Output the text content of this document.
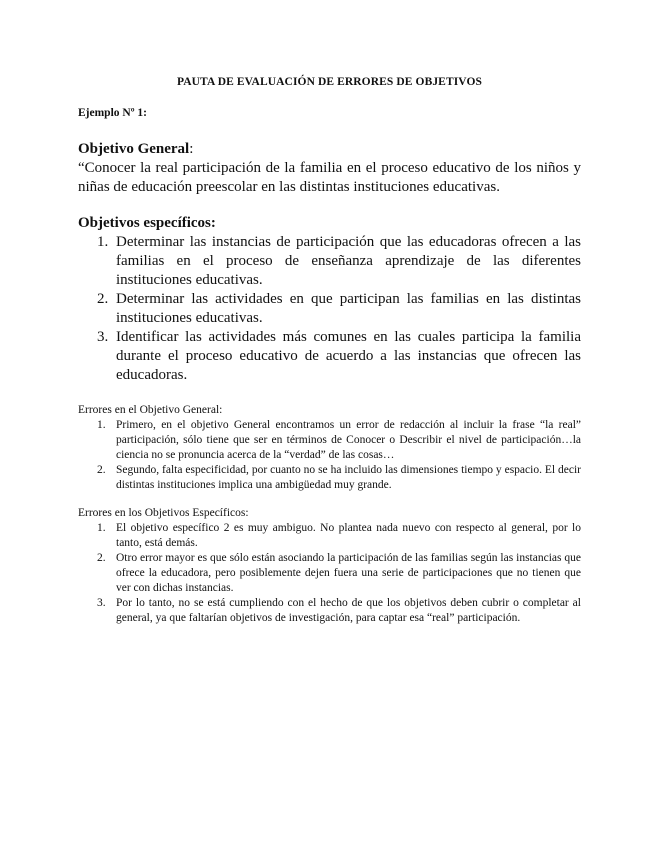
PAUTA DE EVALUACIÓN DE ERRORES DE OBJETIVOS

Ejemplo Nº 1:

Objetivo General:

“Conocer la real participación de la familia en el proceso educativo de los niños y niñas de educación preescolar en las distintas instituciones educativas.

Objetivos específicos:

1. Determinar las instancias de participación que las educadoras ofrecen a las familias en el proceso de enseñanza aprendizaje de las diferentes instituciones educativas.
2. Determinar las actividades en que participan las familias en las distintas instituciones educativas.
3. Identificar las actividades más comunes en las cuales participa la familia durante el proceso educativo de acuerdo a las instancias que ofrecen las educadoras.

Errores en el Objetivo General:

1. Primero, en el objetivo General encontramos un error de redacción al incluir la frase “la real” participación, sólo tiene que ser en términos de Conocer o Describir el nivel de participación…la ciencia no se pronuncia acerca de la “verdad” de las cosas…
2. Segundo, falta especificidad, por cuanto no se ha incluido las dimensiones tiempo y espacio. El decir distintas instituciones implica una ambigüedad muy grande.

Errores en los Objetivos Específicos:

1. El objetivo específico 2 es muy ambiguo. No plantea nada nuevo con respecto al general, por lo tanto, está demás.
2. Otro error mayor es que sólo están asociando la participación de las familias según las instancias que ofrece la educadora, pero posiblemente dejen fuera una serie de participaciones que no tienen que ver con dichas instancias.
3. Por lo tanto, no se está cumpliendo con el hecho de que los objetivos deben cubrir o completar al general, ya que faltarían objetivos de investigación, para captar esa “real” participación.
